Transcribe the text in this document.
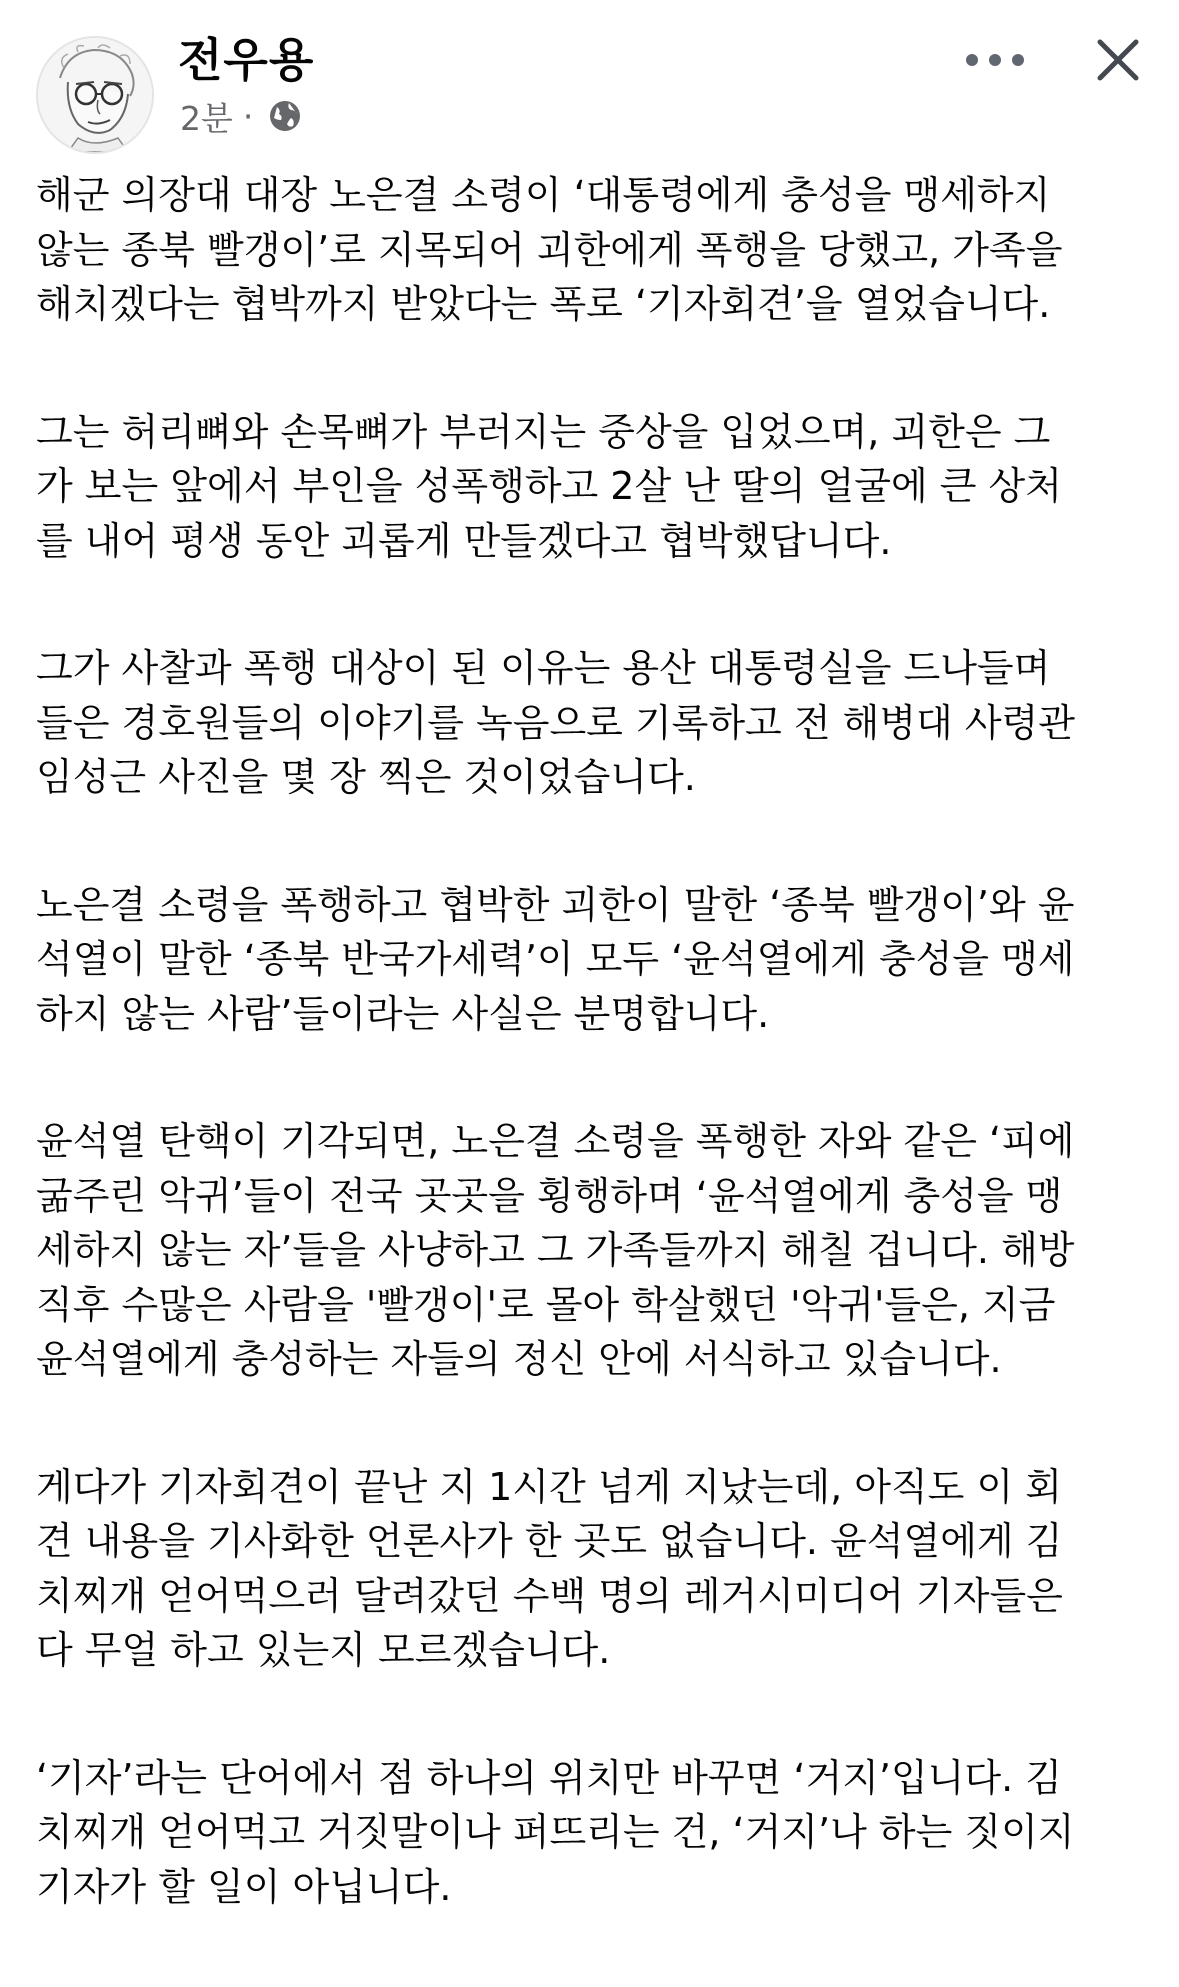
전우용
2분 ·

해군 의장대 대장 노은결 소령이 ‘대통령에게 충성을 맹세하지
않는 종북 빨갱이’로 지목되어 괴한에게 폭행을 당했고, 가족을
해치겠다는 협박까지 받았다는 폭로 ‘기자회견’을 열었습니다.

그는 허리뼈와 손목뼈가 부러지는 중상을 입었으며, 괴한은 그
가 보는 앞에서 부인을 성폭행하고 2살 난 딸의 얼굴에 큰 상처
를 내어 평생 동안 괴롭게 만들겠다고 협박했답니다.

그가 사찰과 폭행 대상이 된 이유는 용산 대통령실을 드나들며
들은 경호원들의 이야기를 녹음으로 기록하고 전 해병대 사령관
임성근 사진을 몇 장 찍은 것이었습니다.

노은결 소령을 폭행하고 협박한 괴한이 말한 ‘종북 빨갱이’와 윤
석열이 말한 ‘종북 반국가세력’이 모두 ‘윤석열에게 충성을 맹세
하지 않는 사람’들이라는 사실은 분명합니다.

윤석열 탄핵이 기각되면, 노은결 소령을 폭행한 자와 같은 ‘피에
굶주린 악귀’들이 전국 곳곳을 횡행하며 ‘윤석열에게 충성을 맹
세하지 않는 자’들을 사냥하고 그 가족들까지 해칠 겁니다. 해방
직후 수많은 사람을 '빨갱이'로 몰아 학살했던 '악귀'들은, 지금
윤석열에게 충성하는 자들의 정신 안에 서식하고 있습니다.

게다가 기자회견이 끝난 지 1시간 넘게 지났는데, 아직도 이 회
견 내용을 기사화한 언론사가 한 곳도 없습니다. 윤석열에게 김
치찌개 얻어먹으러 달려갔던 수백 명의 레거시미디어 기자들은
다 무얼 하고 있는지 모르겠습니다.

‘기자’라는 단어에서 점 하나의 위치만 바꾸면 ‘거지’입니다. 김
치찌개 얻어먹고 거짓말이나 퍼뜨리는 건, ‘거지’나 하는 짓이지
기자가 할 일이 아닙니다.
